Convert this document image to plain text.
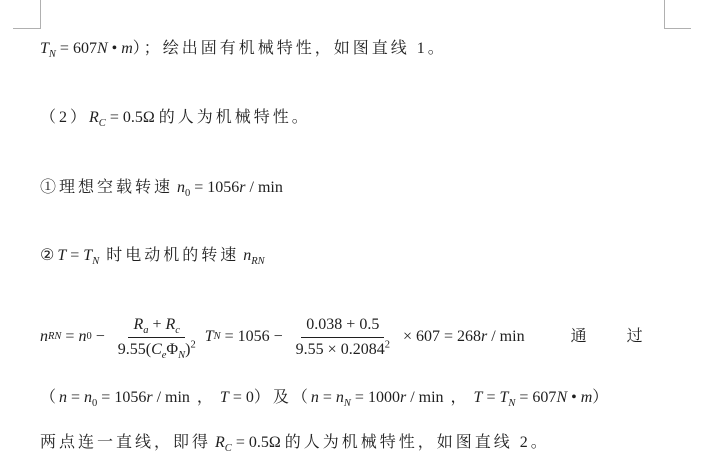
$T_N = 607N$ • m）；绘出固有机械特性，如图直线 1。
$(2)R_C = 0.5\Omega$ 的人为机械特性。
①理想空载转速 $n_0 = 1056r / \min$
②T = $T_N$ 时电动机的转速 $n_{RN}$
n RN = n $0 - \frac{R_a + R_c}{9.55(C_e\Phi_N)^2}$ T $N = 1056 - \frac{0.038 + 0.5}{9.55 \times 0.2084^2} \times 607 = 268$ r / min	通 过
（$n = n_0 = 1056r / \min$ ， T = 0）及（$n = n_N = 1000r / \min$ ， $T = T_N = 607N$ • m）
两点连一直线，即得 $R_C = 0.5\Omega$ 的人为机械特性，如图直线 2。
